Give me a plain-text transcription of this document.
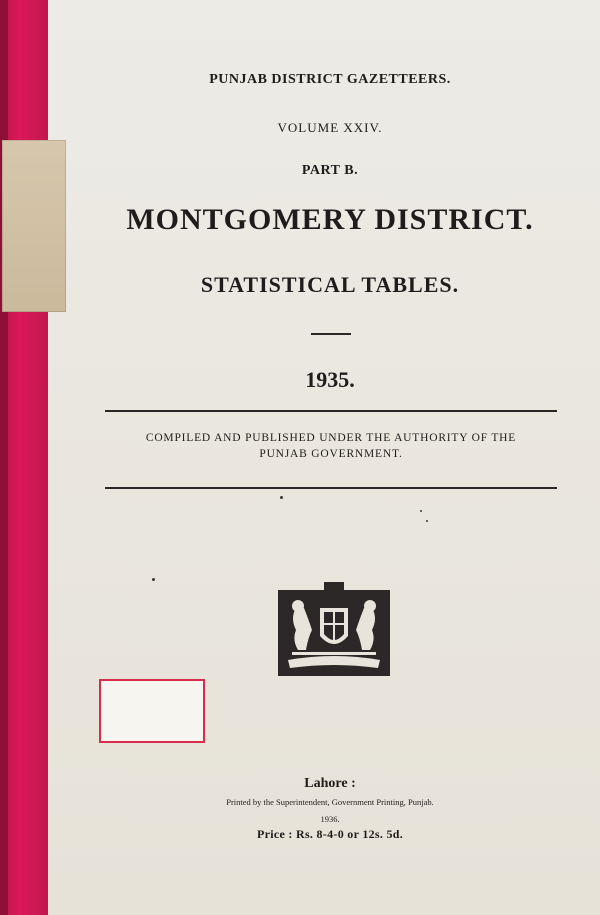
PUNJAB DISTRICT GAZETTEERS.
VOLUME XXIV.
PART B.
MONTGOMERY DISTRICT.
STATISTICAL TABLES.
1935.
COMPILED AND PUBLISHED UNDER THE AUTHORITY OF THE
PUNJAB GOVERNMENT.
Lahore :
Printed by the Superintendent, Government Printing, Punjab.
1936.
Price : Rs. 8-4-0 or 12s. 5d.
